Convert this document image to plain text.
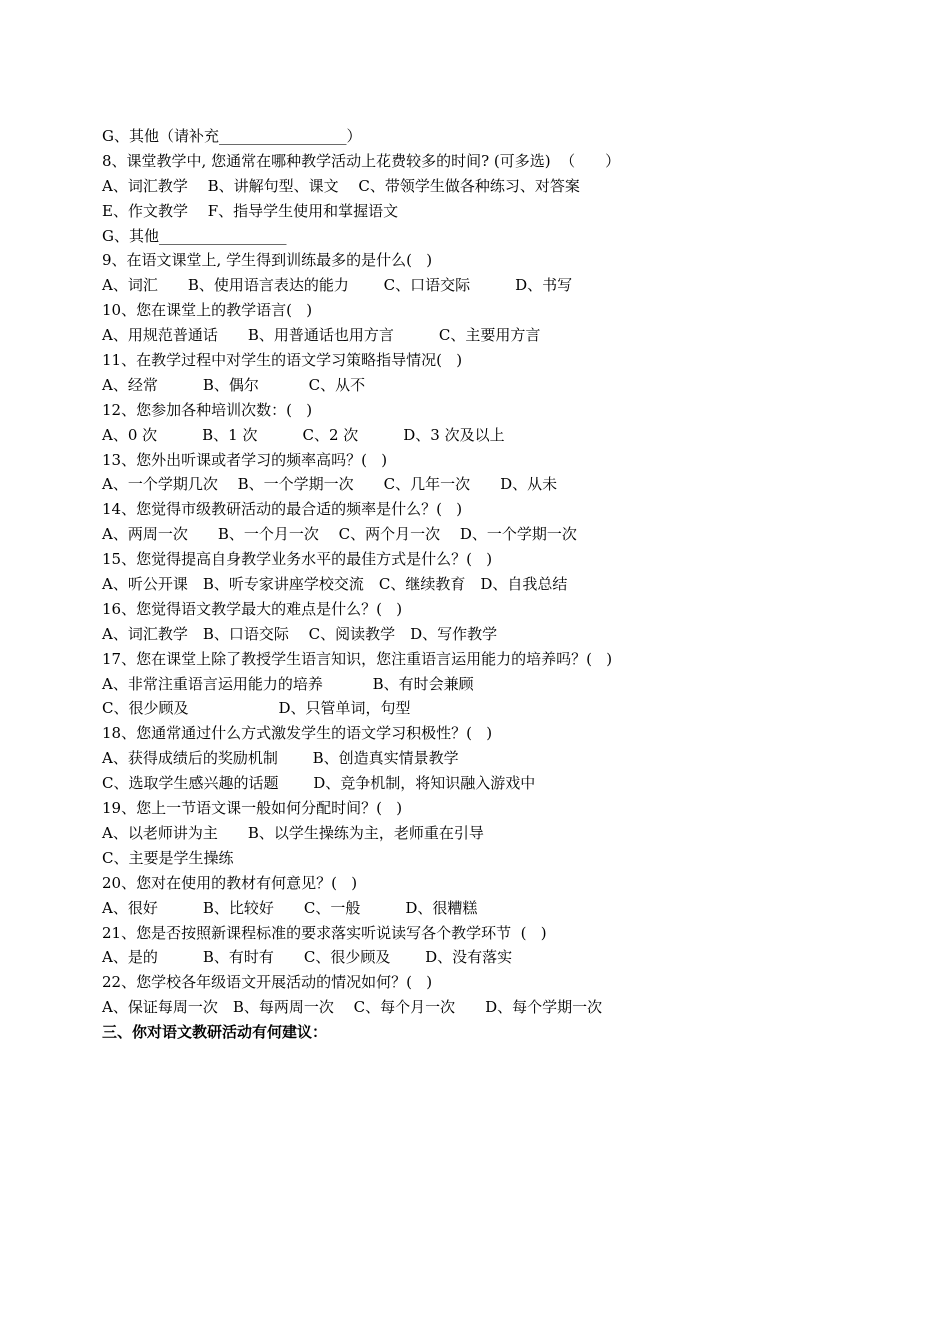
G、其他（请补充_________________）
8、课堂教学中, 您通常在哪种教学活动上花费较多的时间? (可多选)  （　　）
A、词汇教学　 B、讲解句型、课文　 C、带领学生做各种练习、对答案
E、作文教学　 F、指导学生使用和掌握语文
G、其他_________________
9、在语文课堂上, 学生得到训练最多的是什么(   )
A、词汇　　B、使用语言表达的能力　　 C、口语交际　　　D、书写
10、您在课堂上的教学语言(   )
A、用规范普通话　　B、用普通话也用方言　　　C、主要用方言
11、在教学过程中对学生的语文学习策略指导情况(   )
A、经常　　　B、偶尔　　　 C、从不
12、您参加各种培训次数：(   )
A、0 次　　　B、1 次　　　C、2 次　　　D、3 次及以上
13、您外出听课或者学习的频率高吗？(   )
A、一个学期几次　 B、一个学期一次　　C、几年一次　　D、从未
14、您觉得市级教研活动的最合适的频率是什么？(   )
A、两周一次　　B、一个月一次　 C、两个月一次　 D、一个学期一次
15、您觉得提高自身教学业务水平的最佳方式是什么？(   )
A、听公开课　B、听专家讲座学校交流　C、继续教育　D、自我总结
16、您觉得语文教学最大的难点是什么？(   )
A、词汇教学　B、口语交际　 C、阅读教学　D、写作教学
17、您在课堂上除了教授学生语言知识，您注重语言运用能力的培养吗？(   )
A、非常注重语言运用能力的培养　　　 B、有时会兼顾
C、很少顾及　　　　　　D、只管单词，句型
18、您通常通过什么方式激发学生的语文学习积极性？(   )
A、获得成绩后的奖励机制　　 B、创造真实情景教学
C、选取学生感兴趣的话题　　 D、竞争机制，将知识融入游戏中
19、您上一节语文课一般如何分配时间？(   )
A、以老师讲为主　　B、以学生操练为主，老师重在引导
C、主要是学生操练
20、您对在使用的教材有何意见？(   )
A、很好　　　B、比较好　　C、一般　　　D、很糟糕
21、您是否按照新课程标准的要求落实听说读写各个教学环节  (   )
A、是的　　　B、有时有　　C、很少顾及　　 D、没有落实
22、您学校各年级语文开展活动的情况如何？(   )
A、保证每周一次　B、每两周一次　 C、每个月一次　　D、每个学期一次
三、你对语文教研活动有何建议：
